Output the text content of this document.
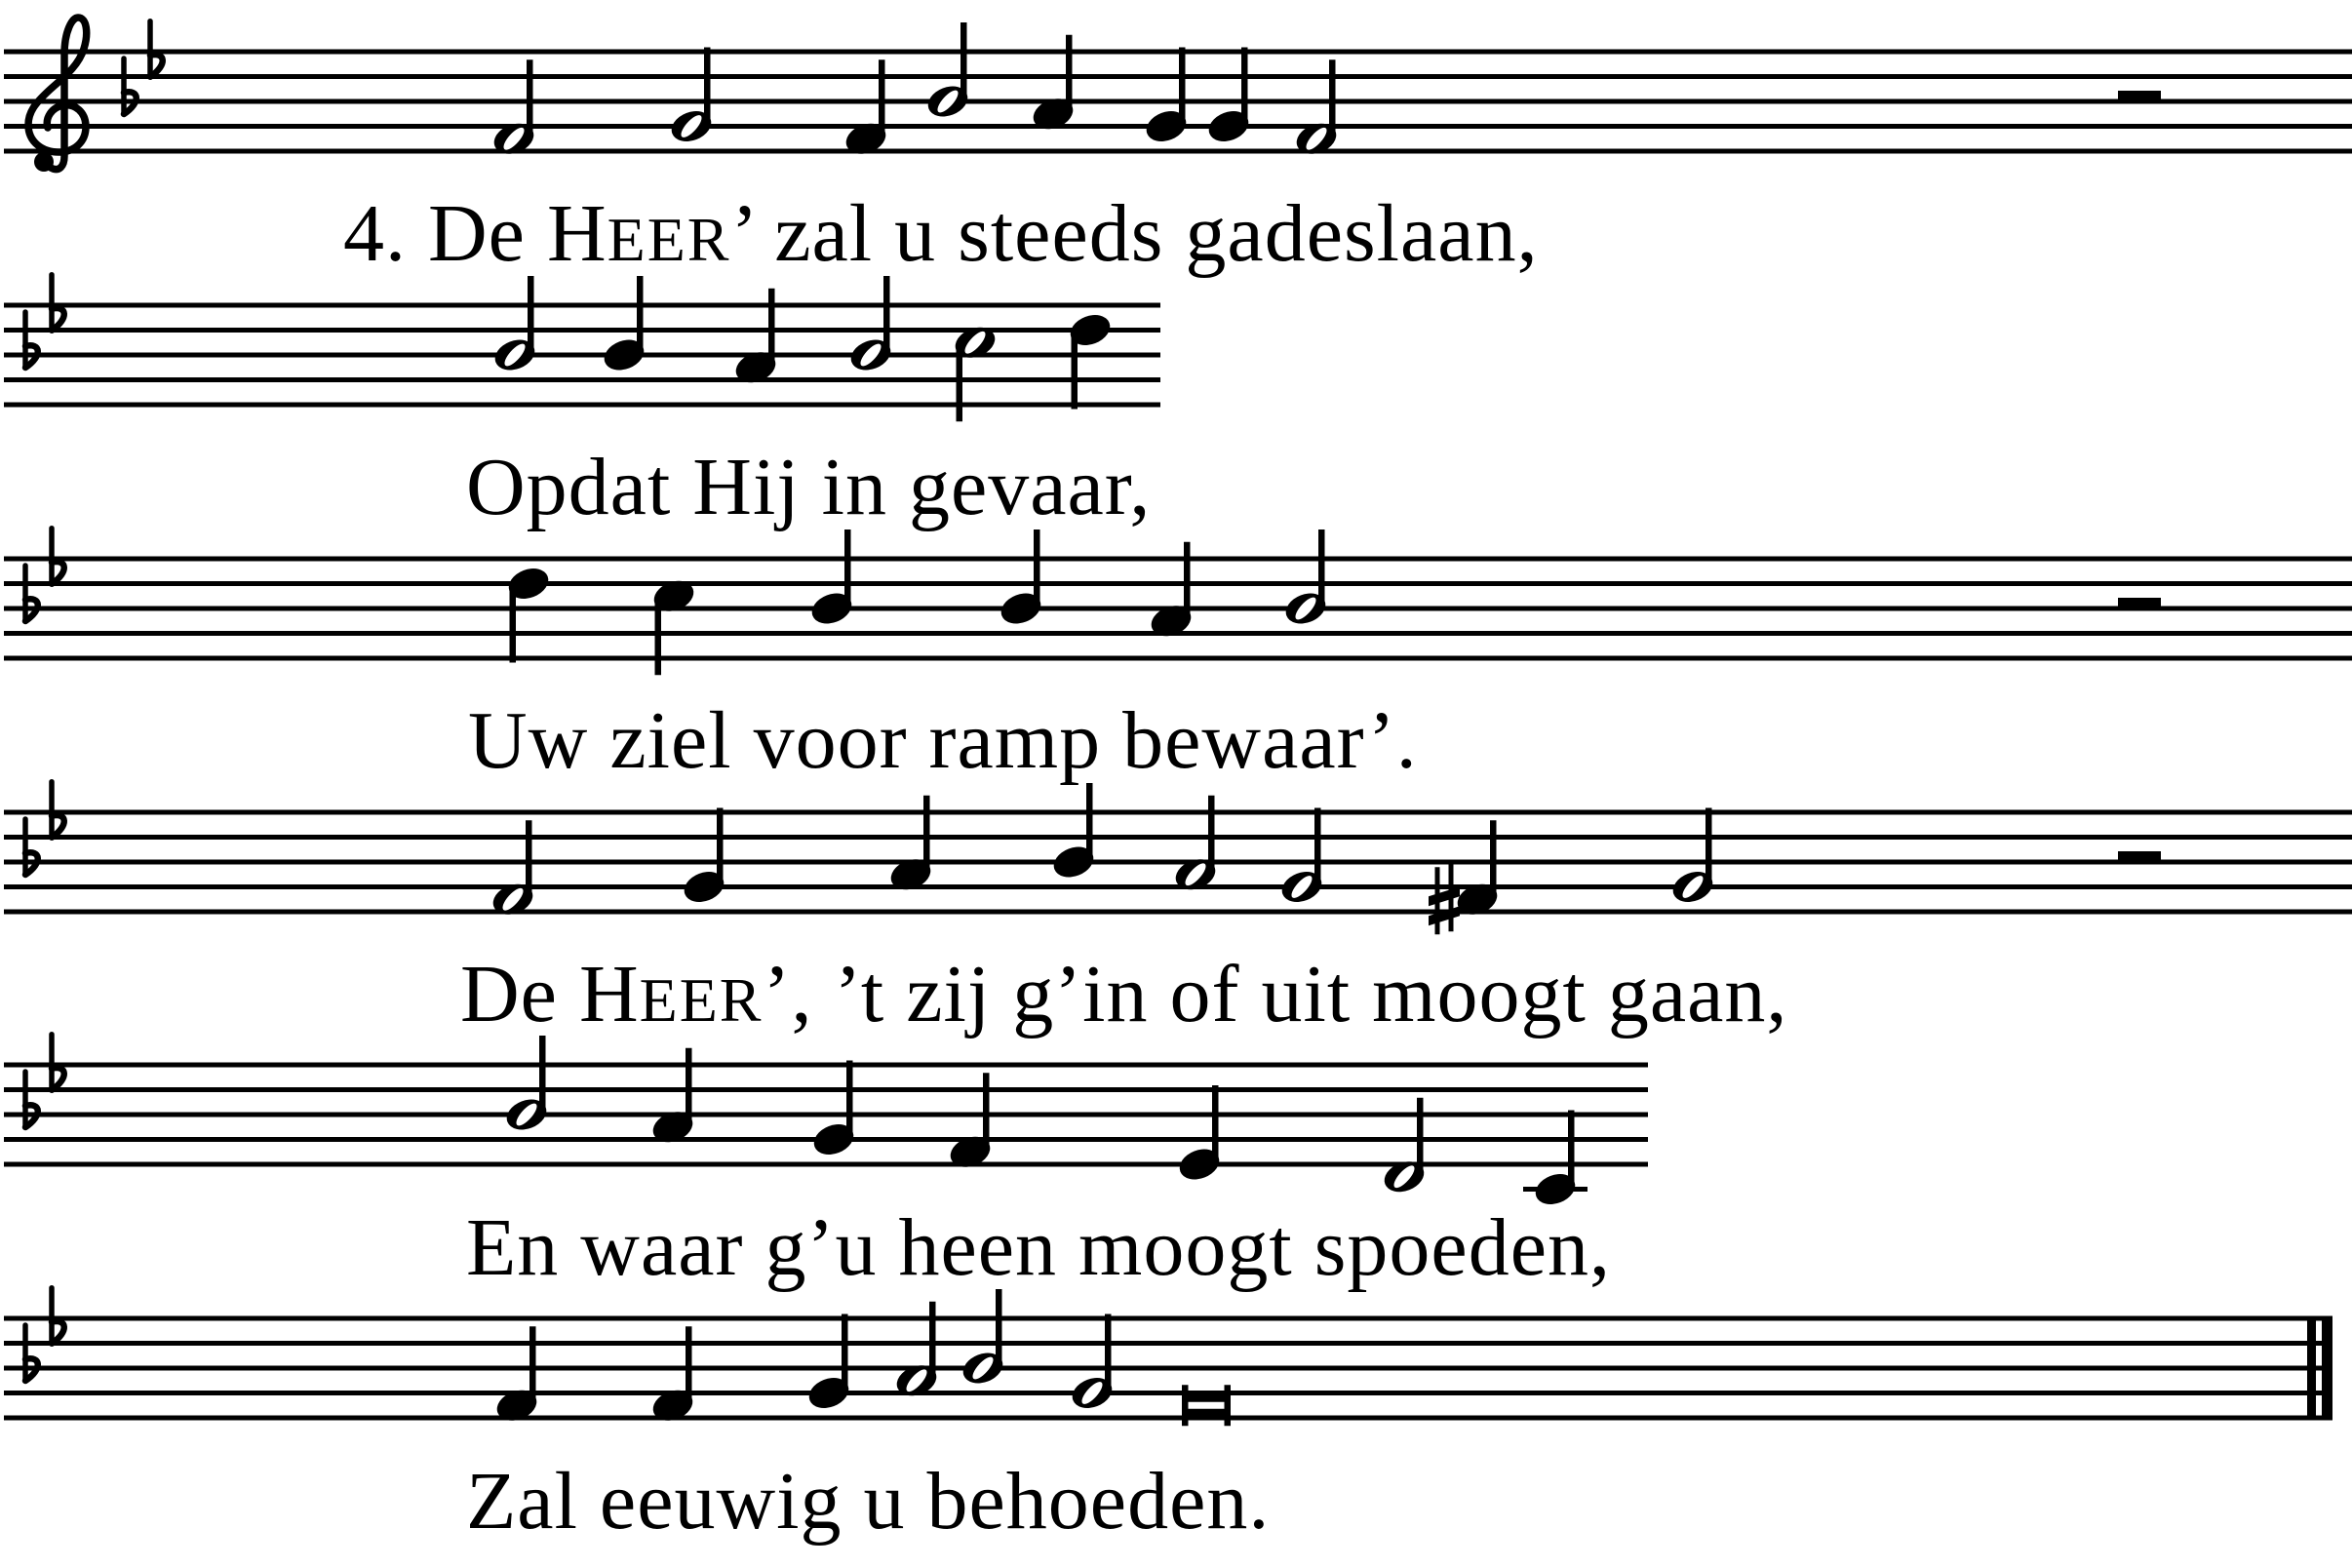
4. De HEER’ zal u steeds gadeslaan,
Opdat Hij in gevaar,
Uw ziel voor ramp bewaar’.
De HEER’, ’t zij g’in of uit moogt gaan,
En waar g’u heen moogt spoeden,
Zal eeuwig u behoeden.
